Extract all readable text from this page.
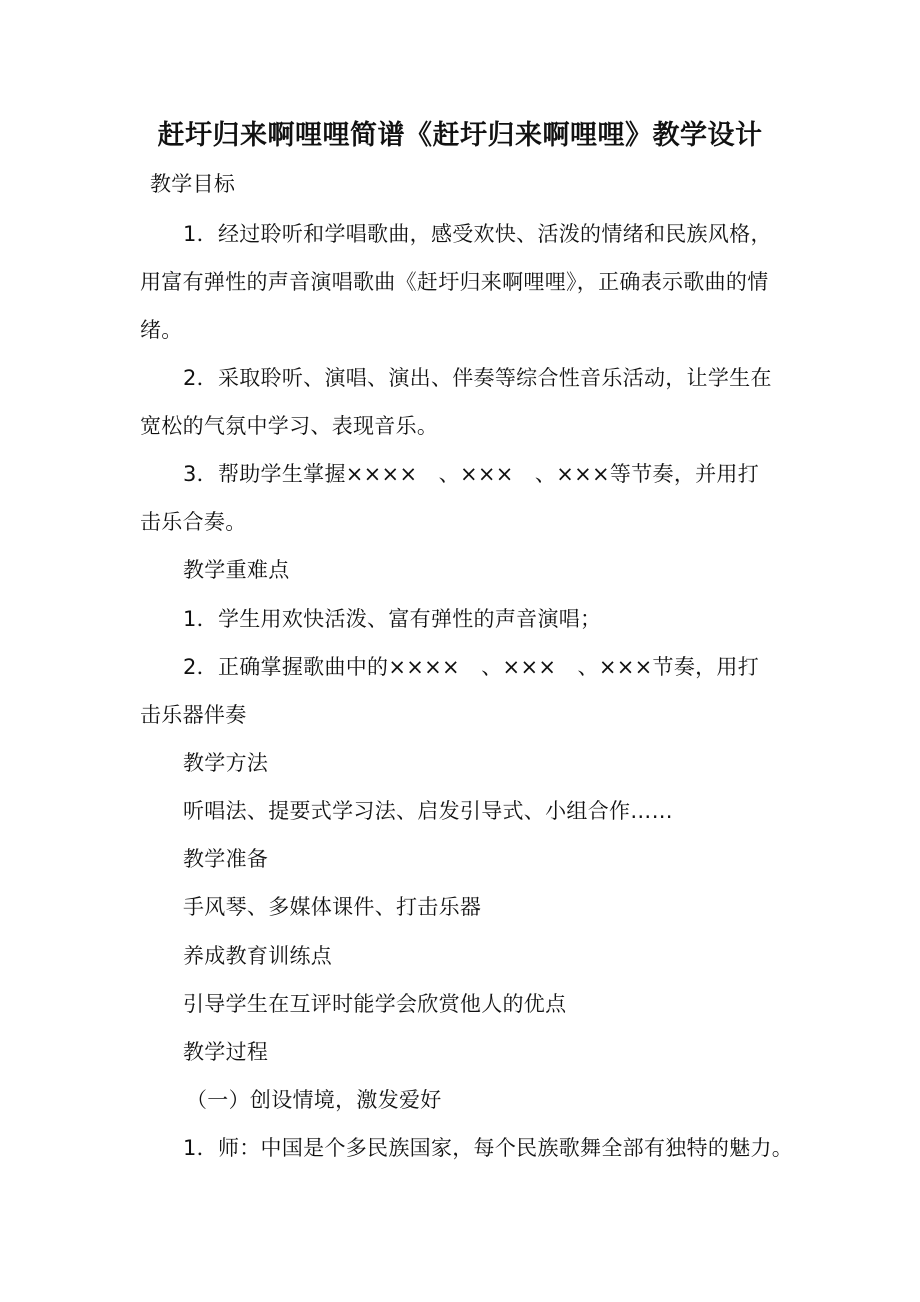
赶圩归来啊哩哩简谱《赶圩归来啊哩哩》教学设计
教学目标
1．经过聆听和学唱歌曲，感受欢快、活泼的情绪和民族风格，
用富有弹性的声音演唱歌曲《赶圩归来啊哩哩》，正确表示歌曲的情
绪。
2．采取聆听、演唱、演出、伴奏等综合性音乐活动，让学生在
宽松的气氛中学习、表现音乐。
3．帮助学生掌握××××　、×××　、×××等节奏，并用打
击乐合奏。
教学重难点
1．学生用欢快活泼、富有弹性的声音演唱；
2．正确掌握歌曲中的××××　、×××　、×××节奏，用打
击乐器伴奏
教学方法
听唱法、提要式学习法、启发引导式、小组合作……
教学准备
手风琴、多媒体课件、打击乐器
养成教育训练点
引导学生在互评时能学会欣赏他人的优点
教学过程
（一）创设情境，激发爱好
1．师：中国是个多民族国家，每个民族歌舞全部有独特的魅力。
